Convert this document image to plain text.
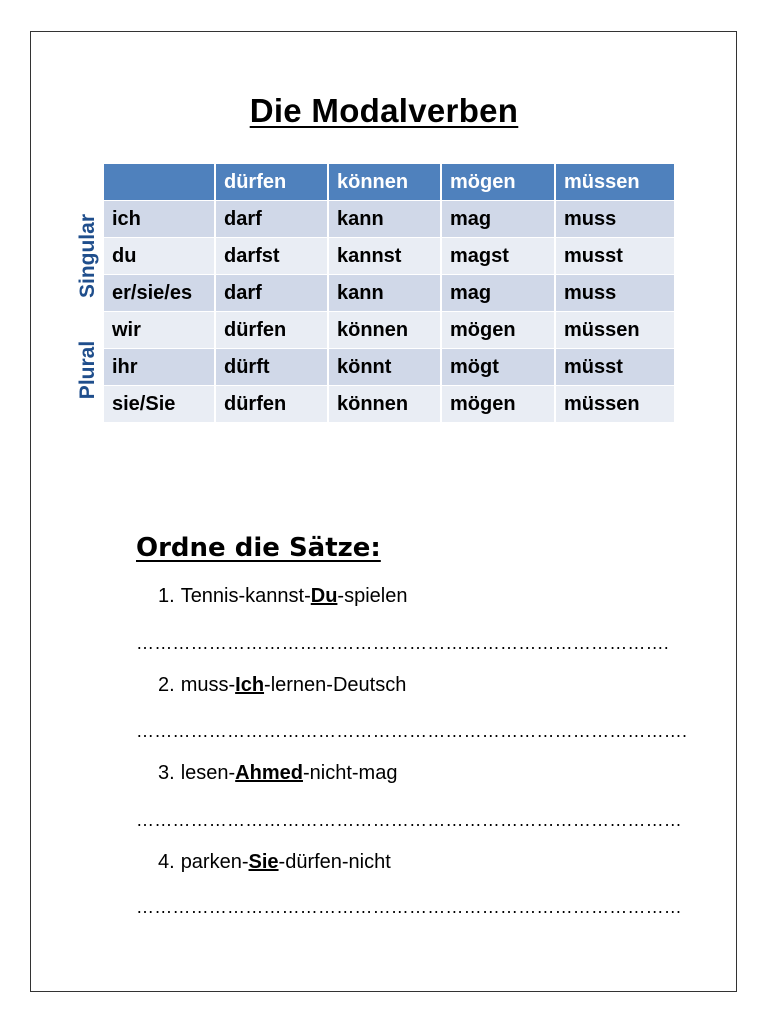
Die Modalverben
Singular
Plural
	dürfen	können	mögen	müssen
ich	darf	kann	mag	muss
du	darfst	kannst	magst	musst
er/sie/es	darf	kann	mag	muss
wir	dürfen	können	mögen	müssen
ihr	dürft	könnt	mögt	müsst
sie/Sie	dürfen	können	mögen	müssen
Ordne die Sätze:
1. Tennis-kannst-Du-spielen
…………………………………………………………………………….
2. muss-Ich-lernen-Deutsch
……………………………………………………………………………….
3. lesen-Ahmed-nicht-mag
………………………………………………………………………………
4. parken-Sie-dürfen-nicht
………………………………………………………………………………
